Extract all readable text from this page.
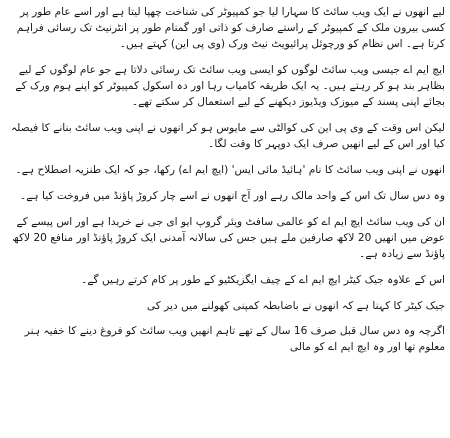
لیے انھوں نے ایک ویب سائٹ کا سہارا لیا جو کمپیوٹر کی شناخت چھپا لیتا ہے اور اسے عام طور پر کسی بیرون ملک کے کمپیوٹر کے راستے صارف کو ذاتی اور گمنام طور پر انٹرنیٹ تک رسائی فراہم کرتا ہے۔ اس نظام کو ورچوئل پرائیویٹ نیٹ ورک (وی پی این) کہتے ہیں۔

ایچ ایم اے جیسی ویب سائٹ لوگوں کو ایسی ویب سائٹ تک رسائی دلاتا ہے جو عام لوگوں کے لیے بظاہر بند ہو کر رہتے ہیں۔ یہ ایک طریقہ کامیاب رہا اور دہ اسکول کمپیوٹر کو اپنے ہوم ورک کے بجائے اپنی پسند کے میوزک ویڈیوز دیکھنے کے لیے استعمال کر سکتے تھے۔

لیکن اس وقت کے وی پی این کی کوالٹی سے مایوس ہو کر انھوں نے اپنی ویب سائٹ بنانے کا فیصلہ کیا اور اس کے لیے انھیں صرف ایک دوپہر کا وقت لگا۔

انھوں نے اپنی ویب سائٹ کا نام 'ہائیڈ مائی ایس' (ایچ ایم اے) رکھا، جو کہ ایک طنزیہ اصطلاح ہے۔

وہ دس سال تک اس کے واحد مالک رہے اور آج انھوں نے اسے چار کروڑ پاؤنڈ میں فروخت کیا ہے۔

ان کی ویب سائٹ ایچ ایم اے کو عالمی سافٹ ویئر گروپ ایو ای جی نے خریدا ہے اور اس پیسے کے عوض میں انھیں 20 لاکھ صارفین ملے ہیں جس کی سالانہ آمدنی ایک کروڑ پاؤنڈ اور منافع 20 لاکھ پاؤنڈ سے زیادہ ہے۔

اس کے علاوہ جیک کیٹر ایچ ایم اے کے چیف ایگزیکٹیو کے طور پر کام کرتے رہیں گے۔

جیک کیٹر کا کہنا ہے کہ انھوں نے باضابطہ کمپنی کھولنے میں دیر کی

اگرچہ وہ دس سال قبل صرف 16 سال کے تھے تاہم انھیں ویب سائٹ کو فروغ دینے کا خفیہ ہنر معلوم تھا اور وہ ایچ ایم اے کو مالی
